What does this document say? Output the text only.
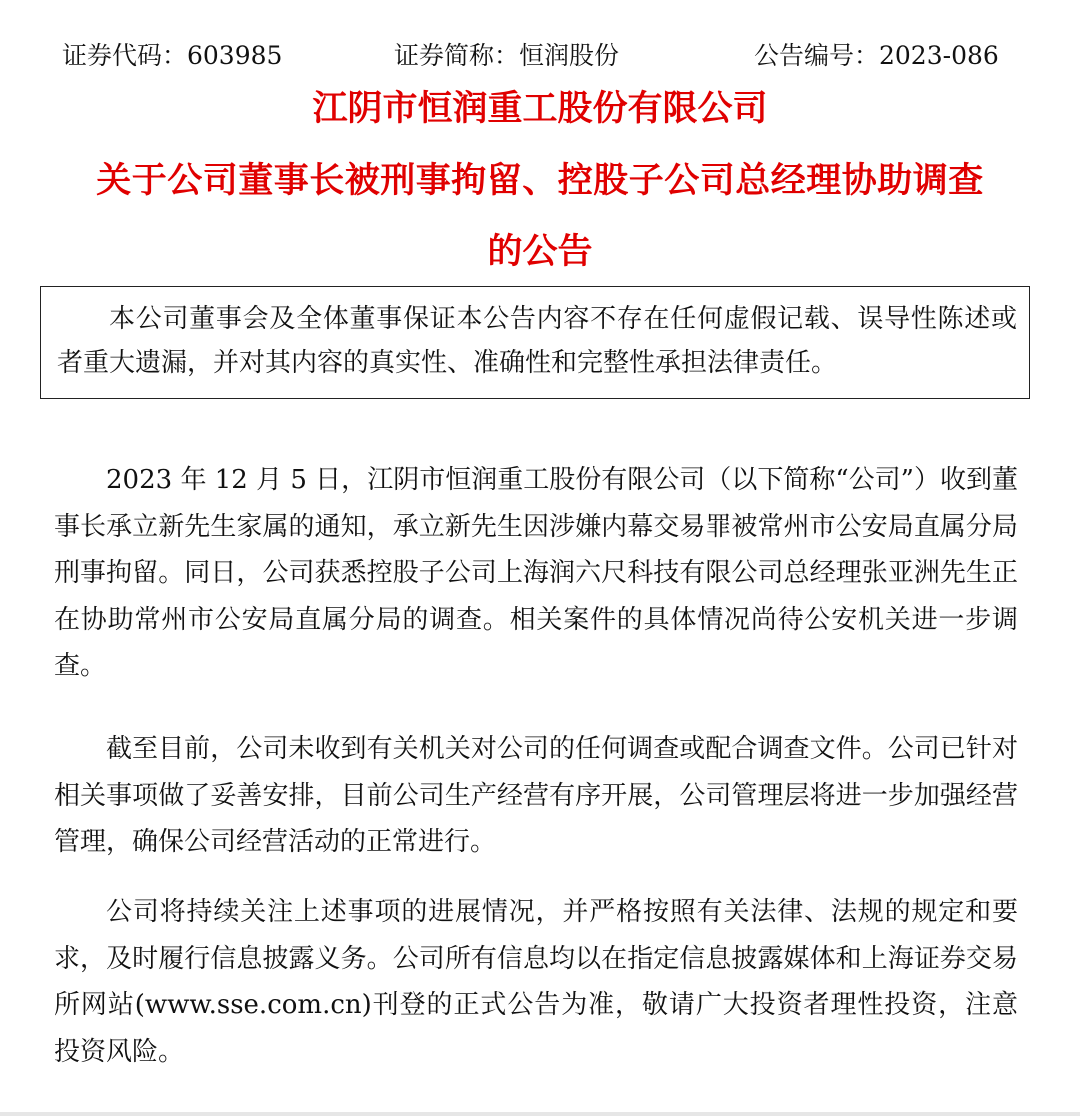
证券代码：603985	证券简称：恒润股份	公告编号：2023-086
江阴市恒润重工股份有限公司
关于公司董事长被刑事拘留、控股子公司总经理协助调查
的公告
本公司董事会及全体董事保证本公告内容不存在任何虚假记载、误导性陈述或者重大遗漏，并对其内容的真实性、准确性和完整性承担法律责任。
2023 年 12 月 5 日，江阴市恒润重工股份有限公司（以下简称“公司”）收到董事长承立新先生家属的通知，承立新先生因涉嫌内幕交易罪被常州市公安局直属分局刑事拘留。同日，公司获悉控股子公司上海润六尺科技有限公司总经理张亚洲先生正在协助常州市公安局直属分局的调查。相关案件的具体情况尚待公安机关进一步调查。
截至目前，公司未收到有关机关对公司的任何调查或配合调查文件。公司已针对相关事项做了妥善安排，目前公司生产经营有序开展，公司管理层将进一步加强经营管理，确保公司经营活动的正常进行。
公司将持续关注上述事项的进展情况，并严格按照有关法律、法规的规定和要求，及时履行信息披露义务。公司所有信息均以在指定信息披露媒体和上海证券交易所网站(www.sse.com.cn)刊登的正式公告为准，敬请广大投资者理性投资，注意投资风险。
